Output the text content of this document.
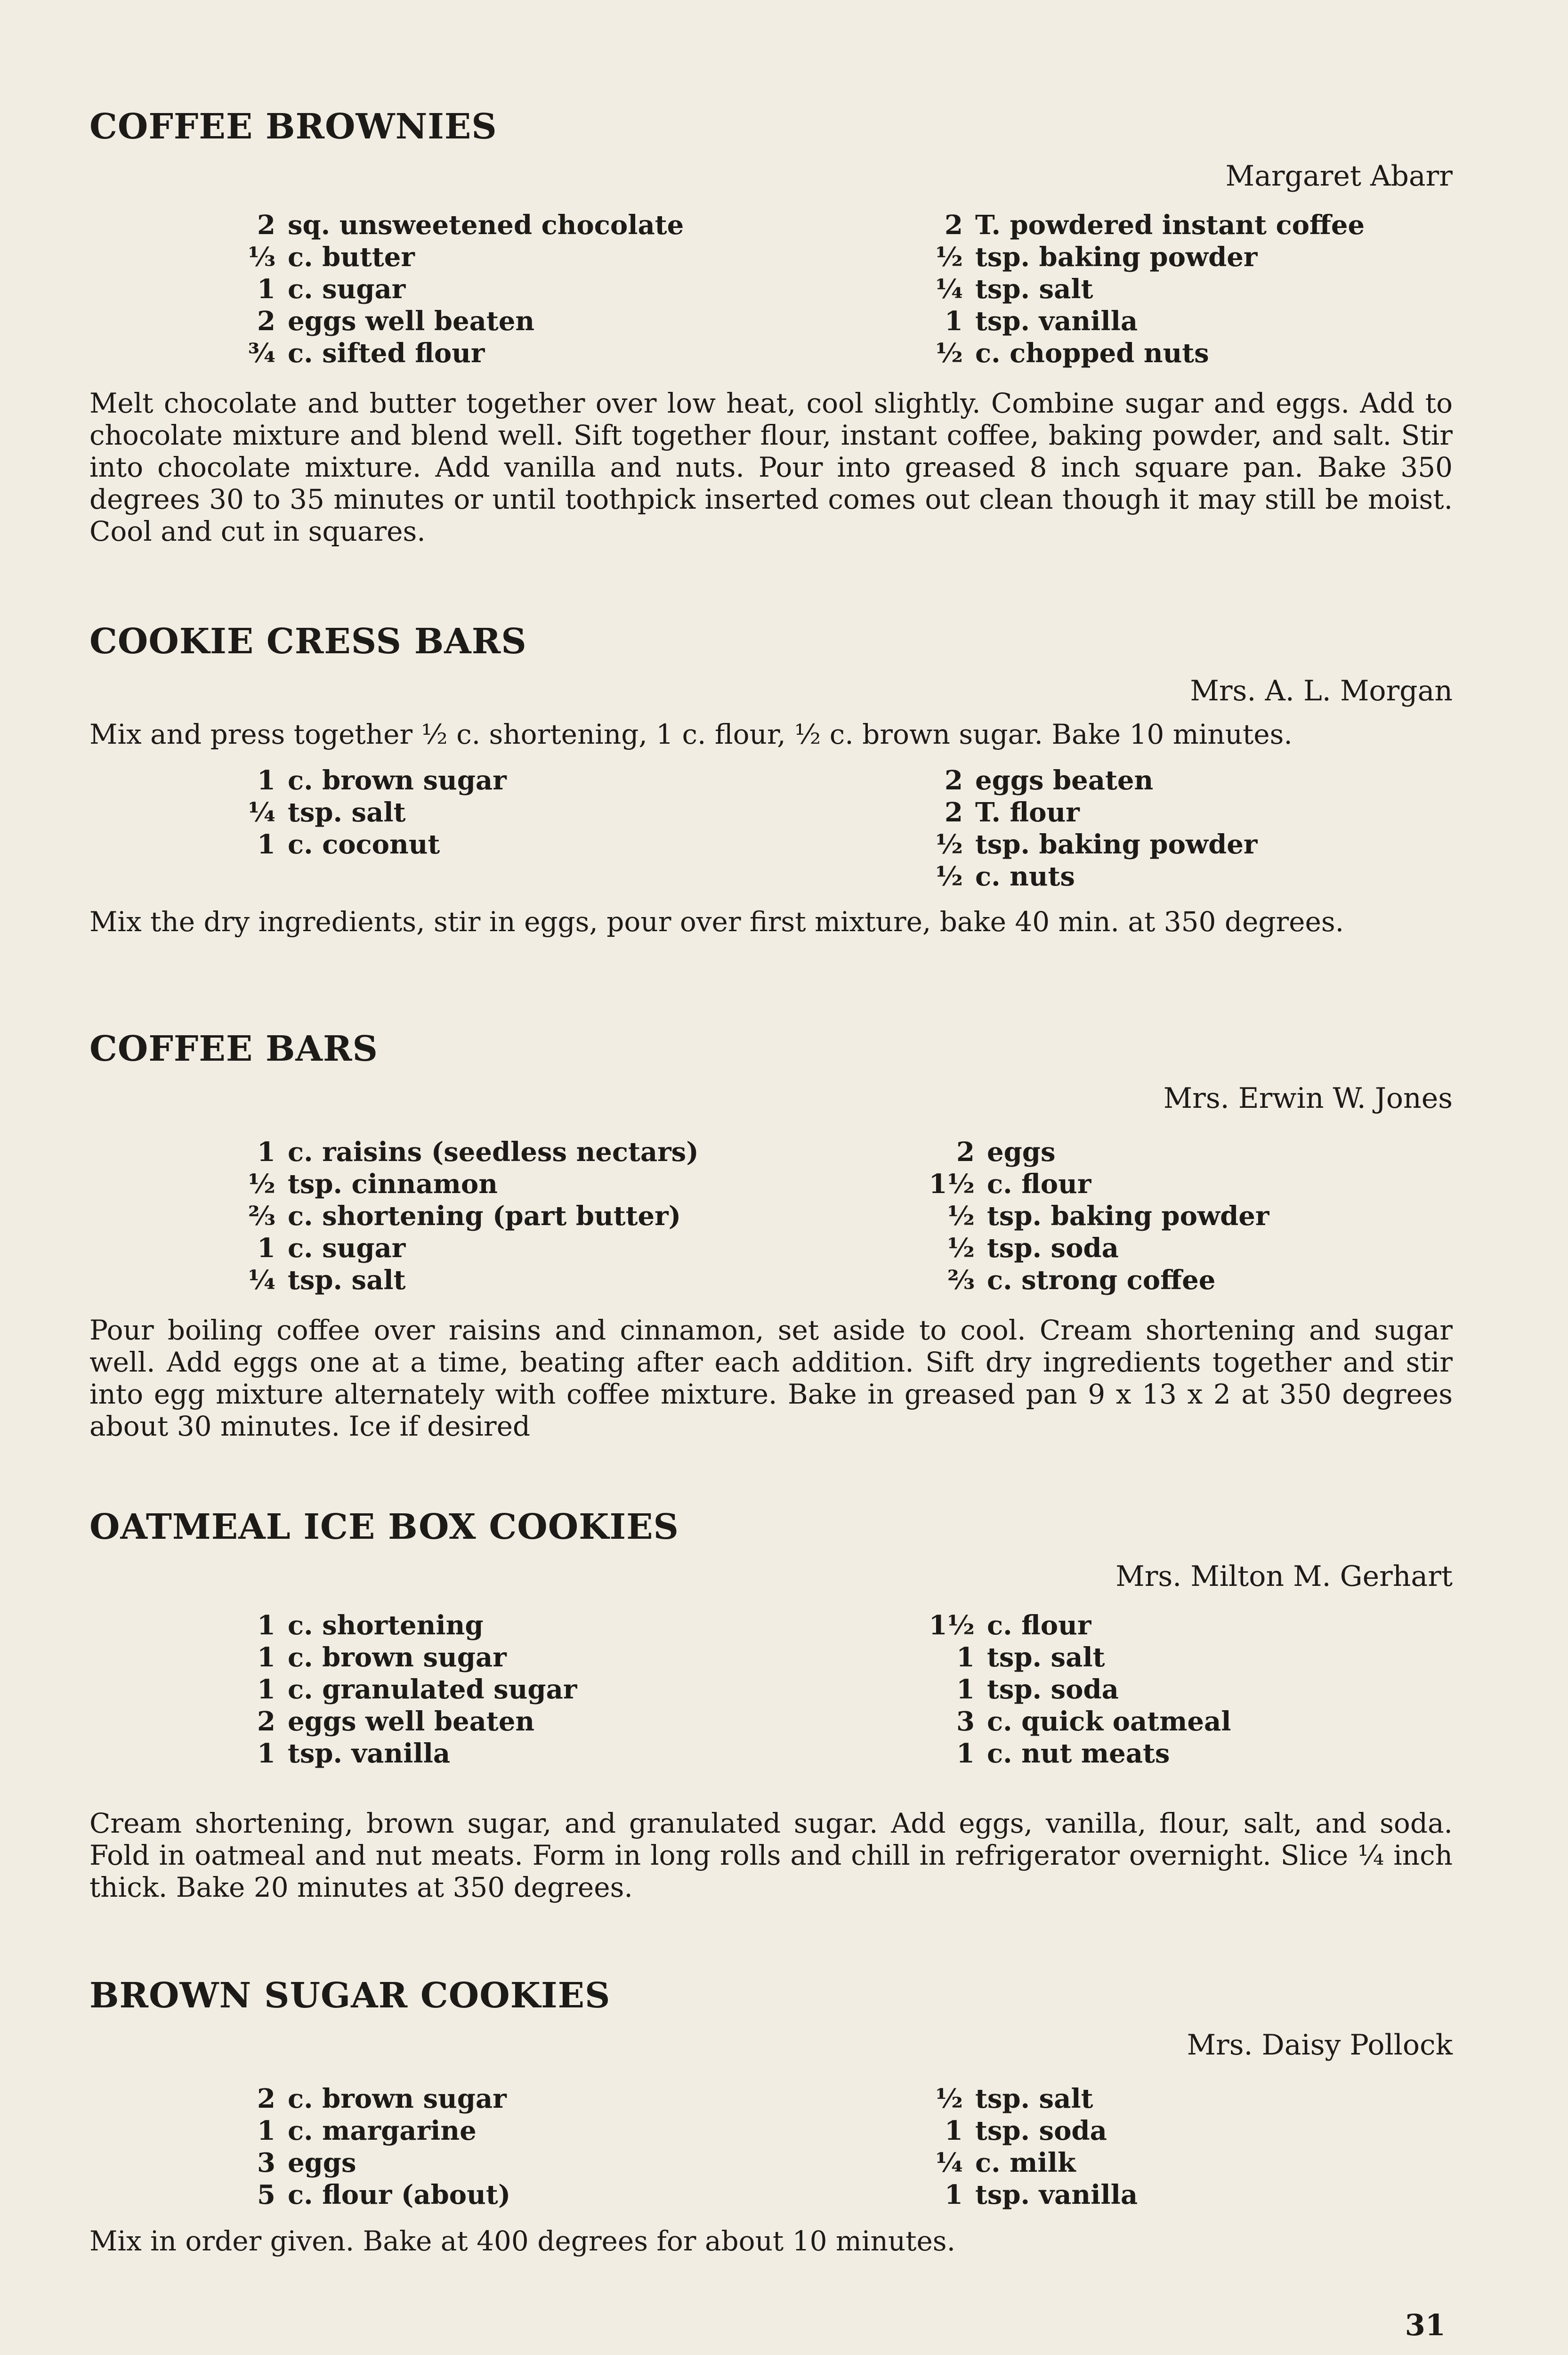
COFFEE BROWNIES
Margaret Abarr
2 sq. unsweetened chocolate
⅓ c. butter
1 c. sugar
2 eggs well beaten
¾ c. sifted flour
2 T. powdered instant coffee
½ tsp. baking powder
¼ tsp. salt
1 tsp. vanilla
½ c. chopped nuts

Melt chocolate and butter together over low heat, cool slightly. Combine sugar and eggs. Add to chocolate mixture and blend well. Sift together flour, instant coffee, baking powder, and salt. Stir into chocolate mixture. Add vanilla and nuts. Pour into greased 8 inch square pan. Bake 350 degrees 30 to 35 minutes or until toothpick inserted comes out clean though it may still be moist. Cool and cut in squares.

COOKIE CRESS BARS
Mrs. A. L. Morgan

Mix and press together ½ c. shortening, 1 c. flour, ½ c. brown sugar. Bake 10 minutes.

1 c. brown sugar
¼ tsp. salt
1 c. coconut
2 eggs beaten
2 T. flour
½ tsp. baking powder
½ c. nuts

Mix the dry ingredients, stir in eggs, pour over first mixture, bake 40 min. at 350 degrees.

COFFEE BARS
Mrs. Erwin W. Jones
1 c. raisins (seedless nectars)
½ tsp. cinnamon
⅔ c. shortening (part butter)
1 c. sugar
¼ tsp. salt
2 eggs
1½ c. flour
½ tsp. baking powder
½ tsp. soda
⅔ c. strong coffee

Pour boiling coffee over raisins and cinnamon, set aside to cool. Cream shortening and sugar well. Add eggs one at a time, beating after each addition. Sift dry ingredients together and stir into egg mixture alternately with coffee mixture. Bake in greased pan 9 x 13 x 2 at 350 degrees about 30 minutes. Ice if desired

OATMEAL ICE BOX COOKIES
Mrs. Milton M. Gerhart
1 c. shortening
1 c. brown sugar
1 c. granulated sugar
2 eggs well beaten
1 tsp. vanilla
1½ c. flour
1 tsp. salt
1 tsp. soda
3 c. quick oatmeal
1 c. nut meats

Cream shortening, brown sugar, and granulated sugar. Add eggs, vanilla, flour, salt, and soda. Fold in oatmeal and nut meats. Form in long rolls and chill in refrigerator overnight. Slice ¼ inch thick. Bake 20 minutes at 350 degrees.

BROWN SUGAR COOKIES
Mrs. Daisy Pollock
2 c. brown sugar
1 c. margarine
3 eggs
5 c. flour (about)
½ tsp. salt
1 tsp. soda
¼ c. milk
1 tsp. vanilla

Mix in order given. Bake at 400 degrees for about 10 minutes.

31
